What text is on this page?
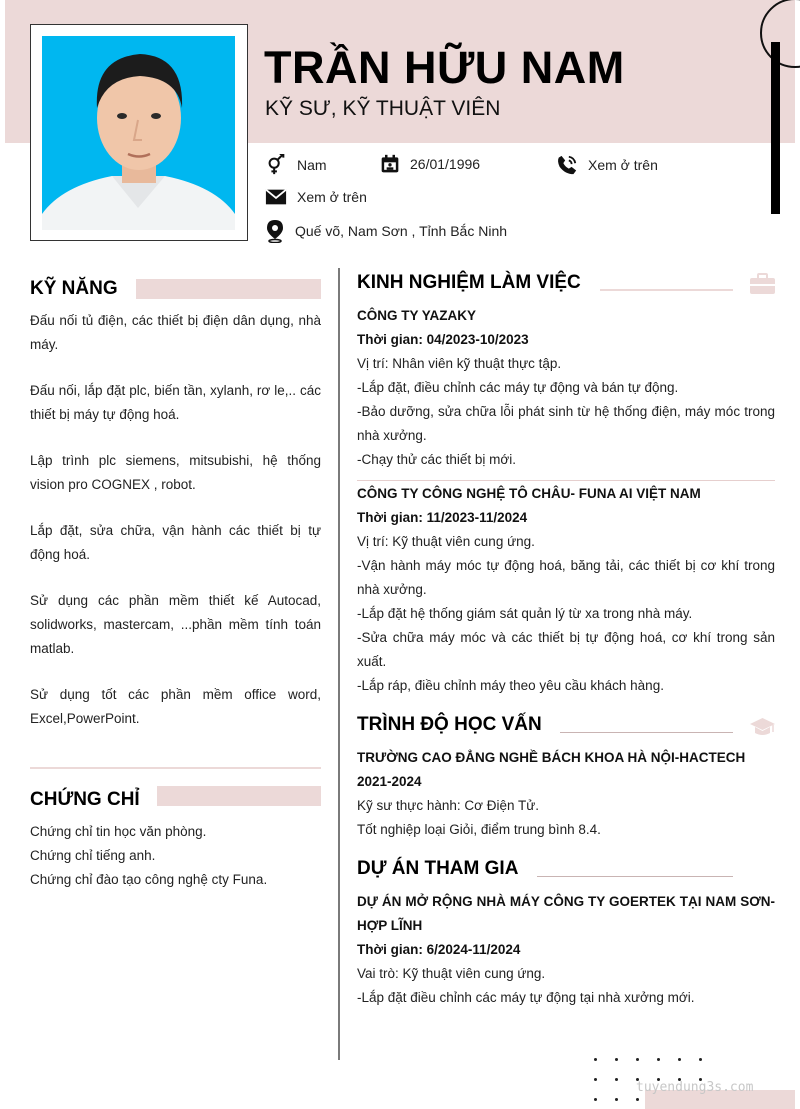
TRẦN HỮU NAM
KỸ SƯ, KỸ THUẬT VIÊN
Nam	26/01/1996	Xem ở trên
Xem ở trên
Quế võ, Nam Sơn , Tỉnh Bắc Ninh
KỸ NĂNG

Đấu nối tủ điện, các thiết bị điện dân dụng, nhà máy.

Đấu nối, lắp đặt plc, biến tần, xylanh, rơ le,.. các thiết bị máy tự động hoá.

Lập trình plc siemens, mitsubishi, hệ thống vision pro COGNEX , robot.

Lắp đặt, sửa chữa, vận hành các thiết bị tự động hoá.

Sử dụng các phần mềm thiết kế Autocad, solidworks, mastercam, ...phần mềm tính toán matlab.

Sử dụng tốt các phần mềm office word, Excel,PowerPoint.

CHỨNG CHỈ
Chứng chỉ tin học văn phòng.
Chứng chỉ tiếng anh.
Chứng chỉ đào tạo công nghệ cty Funa.
KINH NGHIỆM LÀM VIỆC
CÔNG TY YAZAKY
Thời gian: 04/2023-10/2023
Vị trí: Nhân viên kỹ thuật thực tập.
-Lắp đặt, điều chỉnh các máy tự động và bán tự động.
-Bảo dưỡng, sửa chữa lỗi phát sinh từ hệ thống điện, máy móc trong nhà xưởng.
-Chạy thử các thiết bị mới.
CÔNG TY CÔNG NGHỆ TÔ CHÂU- FUNA AI VIỆT NAM
Thời gian: 11/2023-11/2024
Vị trí: Kỹ thuật viên cung ứng.
-Vận hành máy móc tự động hoá, băng tải, các thiết bị cơ khí trong nhà xưởng.
-Lắp đặt hệ thống giám sát quản lý từ xa trong nhà máy.
-Sửa chữa máy móc và các thiết bị tự động hoá, cơ khí trong sản xuất.
-Lắp ráp, điều chỉnh máy theo yêu cầu khách hàng.
TRÌNH ĐỘ HỌC VẤN
TRƯỜNG CAO ĐẲNG NGHỀ BÁCH KHOA HÀ NỘI-HACTECH
2021-2024
Kỹ sư thực hành: Cơ Điện Tử.
Tốt nghiệp loại Giỏi, điểm trung bình 8.4.
DỰ ÁN THAM GIA
DỰ ÁN MỞ RỘNG NHÀ MÁY CÔNG TY GOERTEK TẠI NAM SƠN-HỢP LĨNH
Thời gian: 6/2024-11/2024
Vai trò: Kỹ thuật viên cung ứng.
-Lắp đặt điều chỉnh các máy tự động tại nhà xưởng mới.
tuyendung3s.com
